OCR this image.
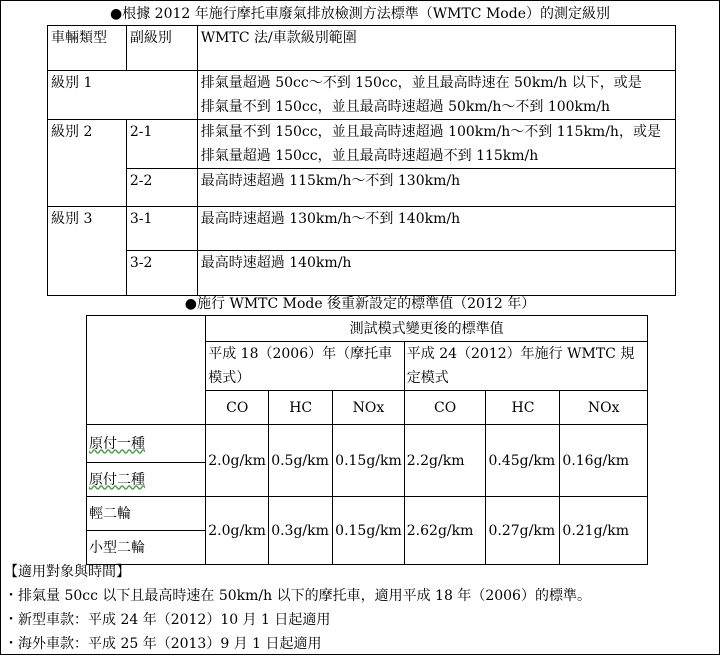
●根據 2012 年施行摩托車廢氣排放檢測方法標準（WMTC Mode）的測定級別
車輛類型	副級別	WMTC 法/車款級別範圍
級別 1		排氣量超過 50cc～不到 150cc，並且最高時速在 50km/h 以下，或是
排氣量不到 150cc，並且最高時速超過 50km/h～不到 100km/h

級別 2	2-1	排氣量不到 150cc，並且最高時速超過 100km/h～不到 115km/h，或是
排氣量超過 150cc，並且最高時速超過不到 115km/h

	2-2	最高時速超過 115km/h～不到 130km/h
級別 3	3-1	最高時速超過 130km/h～不到 140km/h
	3-2	最高時速超過 140km/h
●施行 WMTC Mode 後重新設定的標準值（2012 年）
	測試模式變更後的標準值					
	平成 18（2006）年（摩托車模式）			平成 24（2012）年施行 WMTC 規定模式		
	CO	HC	NOx	CO	HC	NOx
原付一種	2.0g/km	0.5g/km	0.15g/km	2.2g/km	0.45g/km	0.16g/km
原付二種						
輕二輪	2.0g/km	0.3g/km	0.15g/km	2.62g/km	0.27g/km	0.21g/km
小型二輪						
【適用對象與時間】
・排氣量 50cc 以下且最高時速在 50km/h 以下的摩托車，適用平成 18 年（2006）的標準。
・新型車款：平成 24 年（2012）10 月 1 日起適用
・海外車款：平成 25 年（2013）9 月 1 日起適用
